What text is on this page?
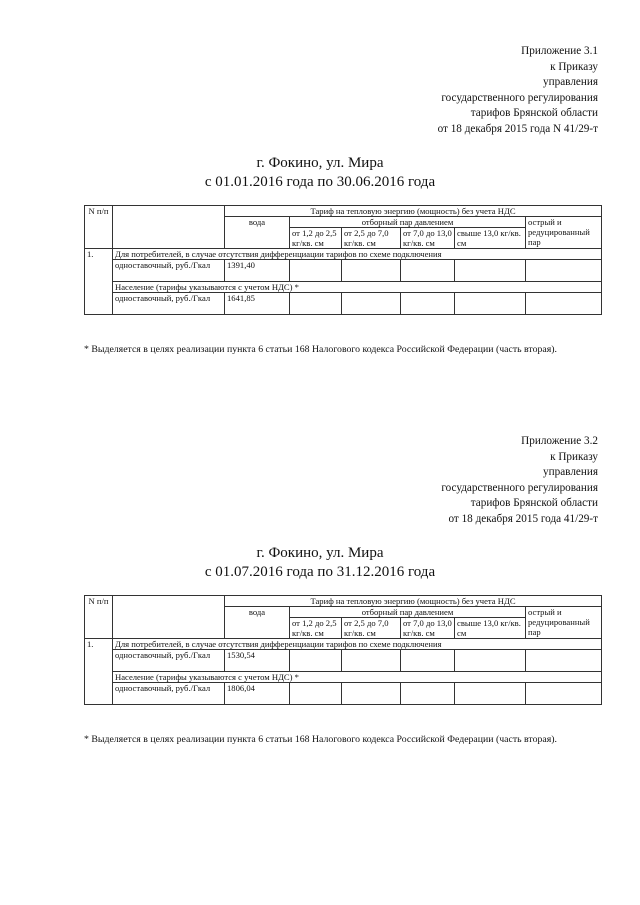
Приложение 3.1
к Приказу
управления
государственного регулирования
тарифов Брянской области
от 18 декабря 2015 года N 41/29-т
г. Фокино, ул. Мира
с 01.01.2016 года по 30.06.2016 года
N п/п		Тариф на тепловую энергию (мощность) без учета НДС					
		вода	отборный пар давлением				острый и редуцированный пар
			от 1,2 до 2,5 кг/кв. см	от 2,5 до 7,0 кг/кв. см	от 7,0 до 13,0 кг/кв. см	свыше 13,0 кг/кв. см	
1.	Для потребителей, в случае отсутствия дифференциации тарифов по схеме подключения						
	одноставочный, руб./Гкал	1391,40					
	Население (тарифы указываются с учетом НДС) *						
	одноставочный, руб./Гкал	1641,85					
* Выделяется в целях реализации пункта 6 статьи 168 Налогового кодекса Российской Федерации (часть вторая).
Приложение 3.2
к Приказу
управления
государственного регулирования
тарифов Брянской области
от 18 декабря 2015 года 41/29-т
г. Фокино, ул. Мира
с 01.07.2016 года по 31.12.2016 года
N п/п		Тариф на тепловую энергию (мощность) без учета НДС					
		вода	отборный пар давлением				острый и редуцированный пар
			от 1,2 до 2,5 кг/кв. см	от 2,5 до 7,0 кг/кв. см	от 7,0 до 13,0 кг/кв. см	свыше 13,0 кг/кв. см	
1.	Для потребителей, в случае отсутствия дифференциации тарифов по схеме подключения						
	одноставочный, руб./Гкал	1530,54					
	Население (тарифы указываются с учетом НДС) *						
	одноставочный, руб./Гкал	1806,04					
* Выделяется в целях реализации пункта 6 статьи 168 Налогового кодекса Российской Федерации (часть вторая).
